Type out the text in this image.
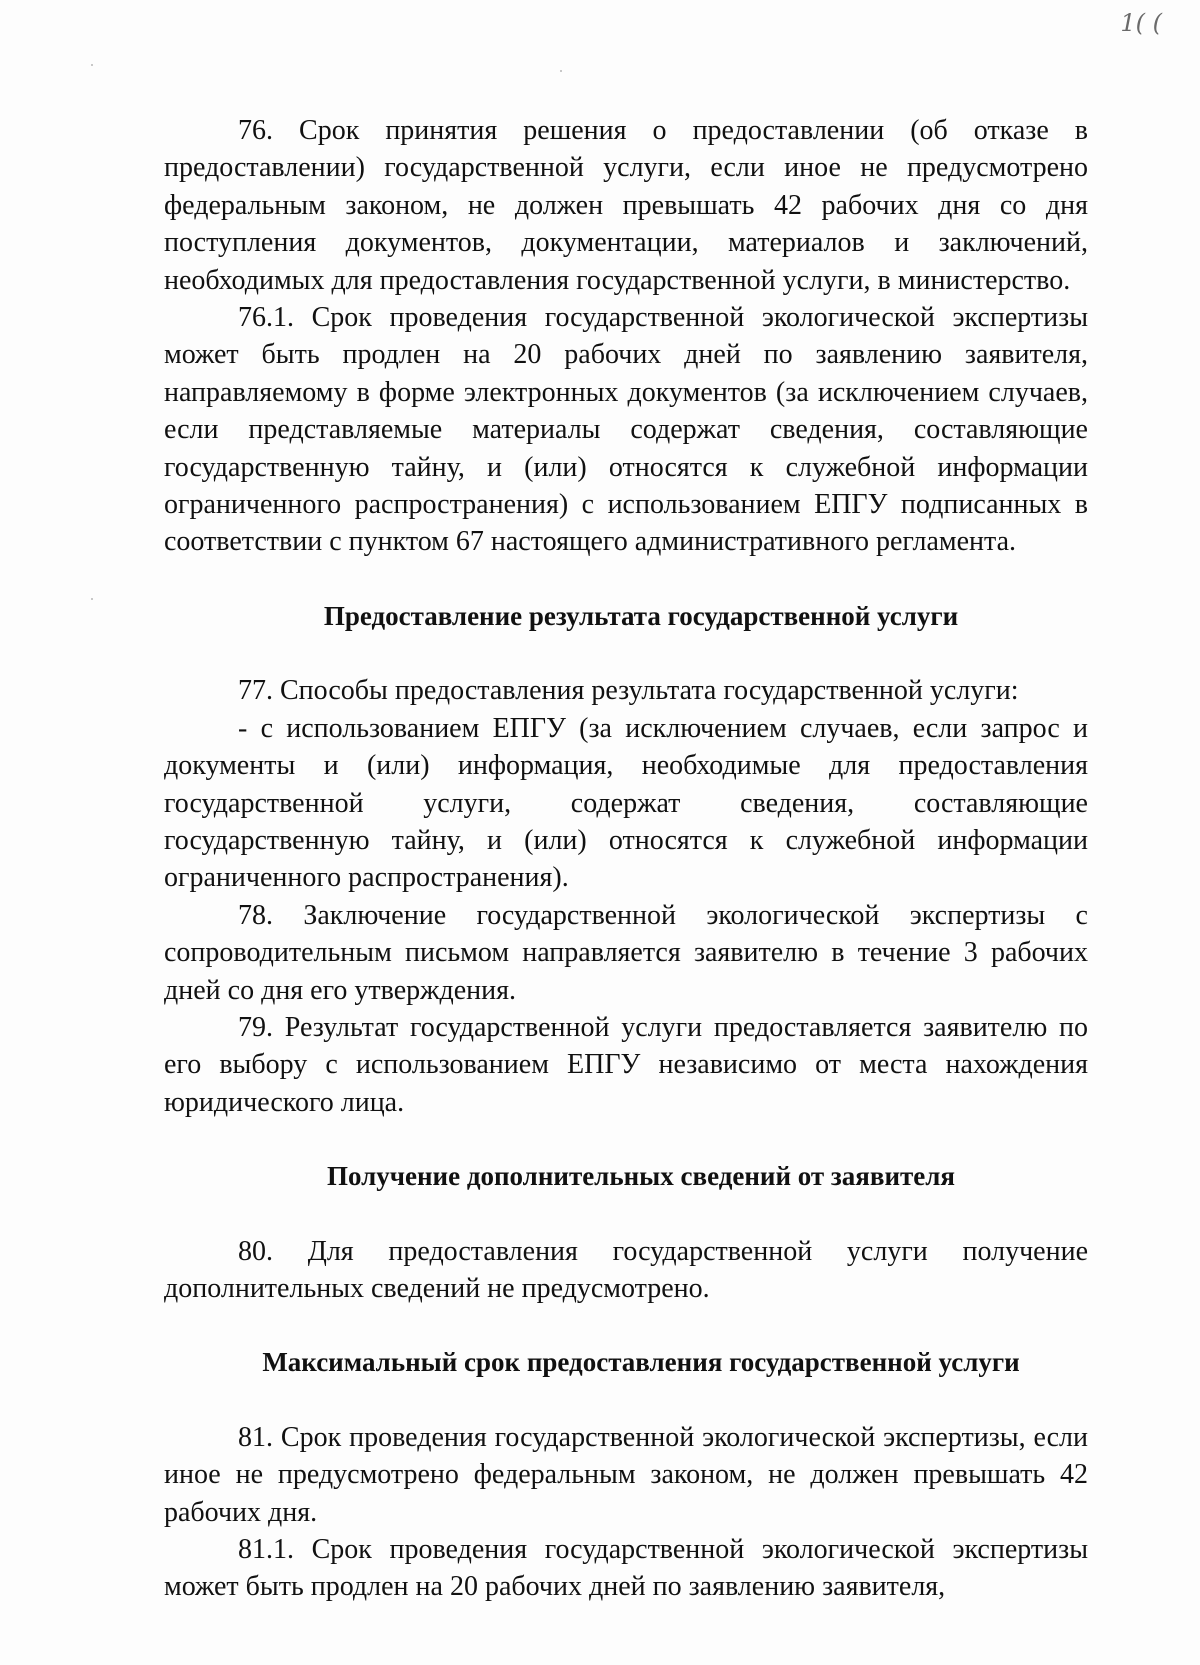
1( (

76. Срок принятия решения о предоставлении (об отказе в предоставлении) государственной услуги, если иное не предусмотрено федеральным законом, не должен превышать 42 рабочих дня со дня поступления документов, документации, материалов и заключений, необходимых для предоставления государственной услуги, в министерство.

76.1. Срок проведения государственной экологической экспертизы может быть продлен на 20 рабочих дней по заявлению заявителя, направляемому в форме электронных документов (за исключением случаев, если представляемые материалы содержат сведения, составляющие государственную тайну, и (или) относятся к служебной информации ограниченного распространения) с использованием ЕПГУ подписанных в соответствии с пунктом 67 настоящего административного регламента.

Предоставление результата государственной услуги

77. Способы предоставления результата государственной услуги:

- с использованием ЕПГУ (за исключением случаев, если запрос и документы и (или) информация, необходимые для предоставления государственной услуги, содержат сведения, составляющие государственную тайну, и (или) относятся к служебной информации ограниченного распространения).

78. Заключение государственной экологической экспертизы с сопроводительным письмом направляется заявителю в течение 3 рабочих дней со дня его утверждения.

79. Результат государственной услуги предоставляется заявителю по его выбору с использованием ЕПГУ независимо от места нахождения юридического лица.

Получение дополнительных сведений от заявителя

80. Для предоставления государственной услуги получение дополнительных сведений не предусмотрено.

Максимальный срок предоставления государственной услуги

81. Срок проведения государственной экологической экспертизы, если иное не предусмотрено федеральным законом, не должен превышать 42 рабочих дня.

81.1. Срок проведения государственной экологической экспертизы может быть продлен на 20 рабочих дней по заявлению заявителя,
